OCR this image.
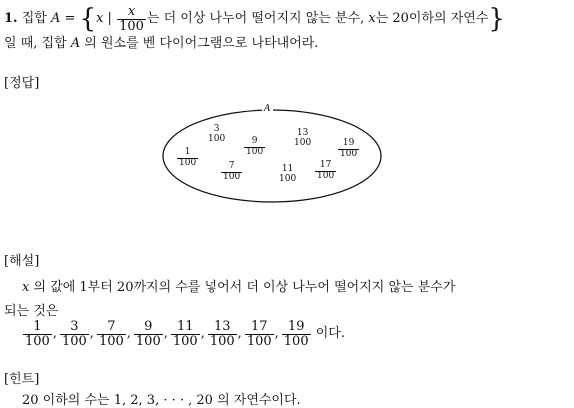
1. 집합 A = {x | $\frac{x}{100}$ 는 더 이상 나누어 떨어지지 않는 분수, x는 20이하의 자연수}
일 때, 집합 A 의 원소를 벤 다이어그램으로 나타내어라.
[정답]
A
$\frac{1}{100}$
3
$100 \frac{9}{100}$
13
100	$\frac{19}{100}$
$\frac{7}{100}$	11
$100 \frac{17}{100}$
[해설]
x 의 값에 1부터 20까지의 수를 넣어서 더 이상 나누어 떨어지지 않는 분수가
되는 것은
$\frac{1}{100}$ , $\frac{3}{100}$ , $\frac{7}{100}$ , $\frac{9}{100}$ , $\frac{11}{100}$ , $\frac{13}{100}$ , $\frac{17}{100}$ , $\frac{19}{100}$ 이다.
[힌트]
20 이하의 수는 1, 2, 3, · · · , 20 의 자연수이다.
